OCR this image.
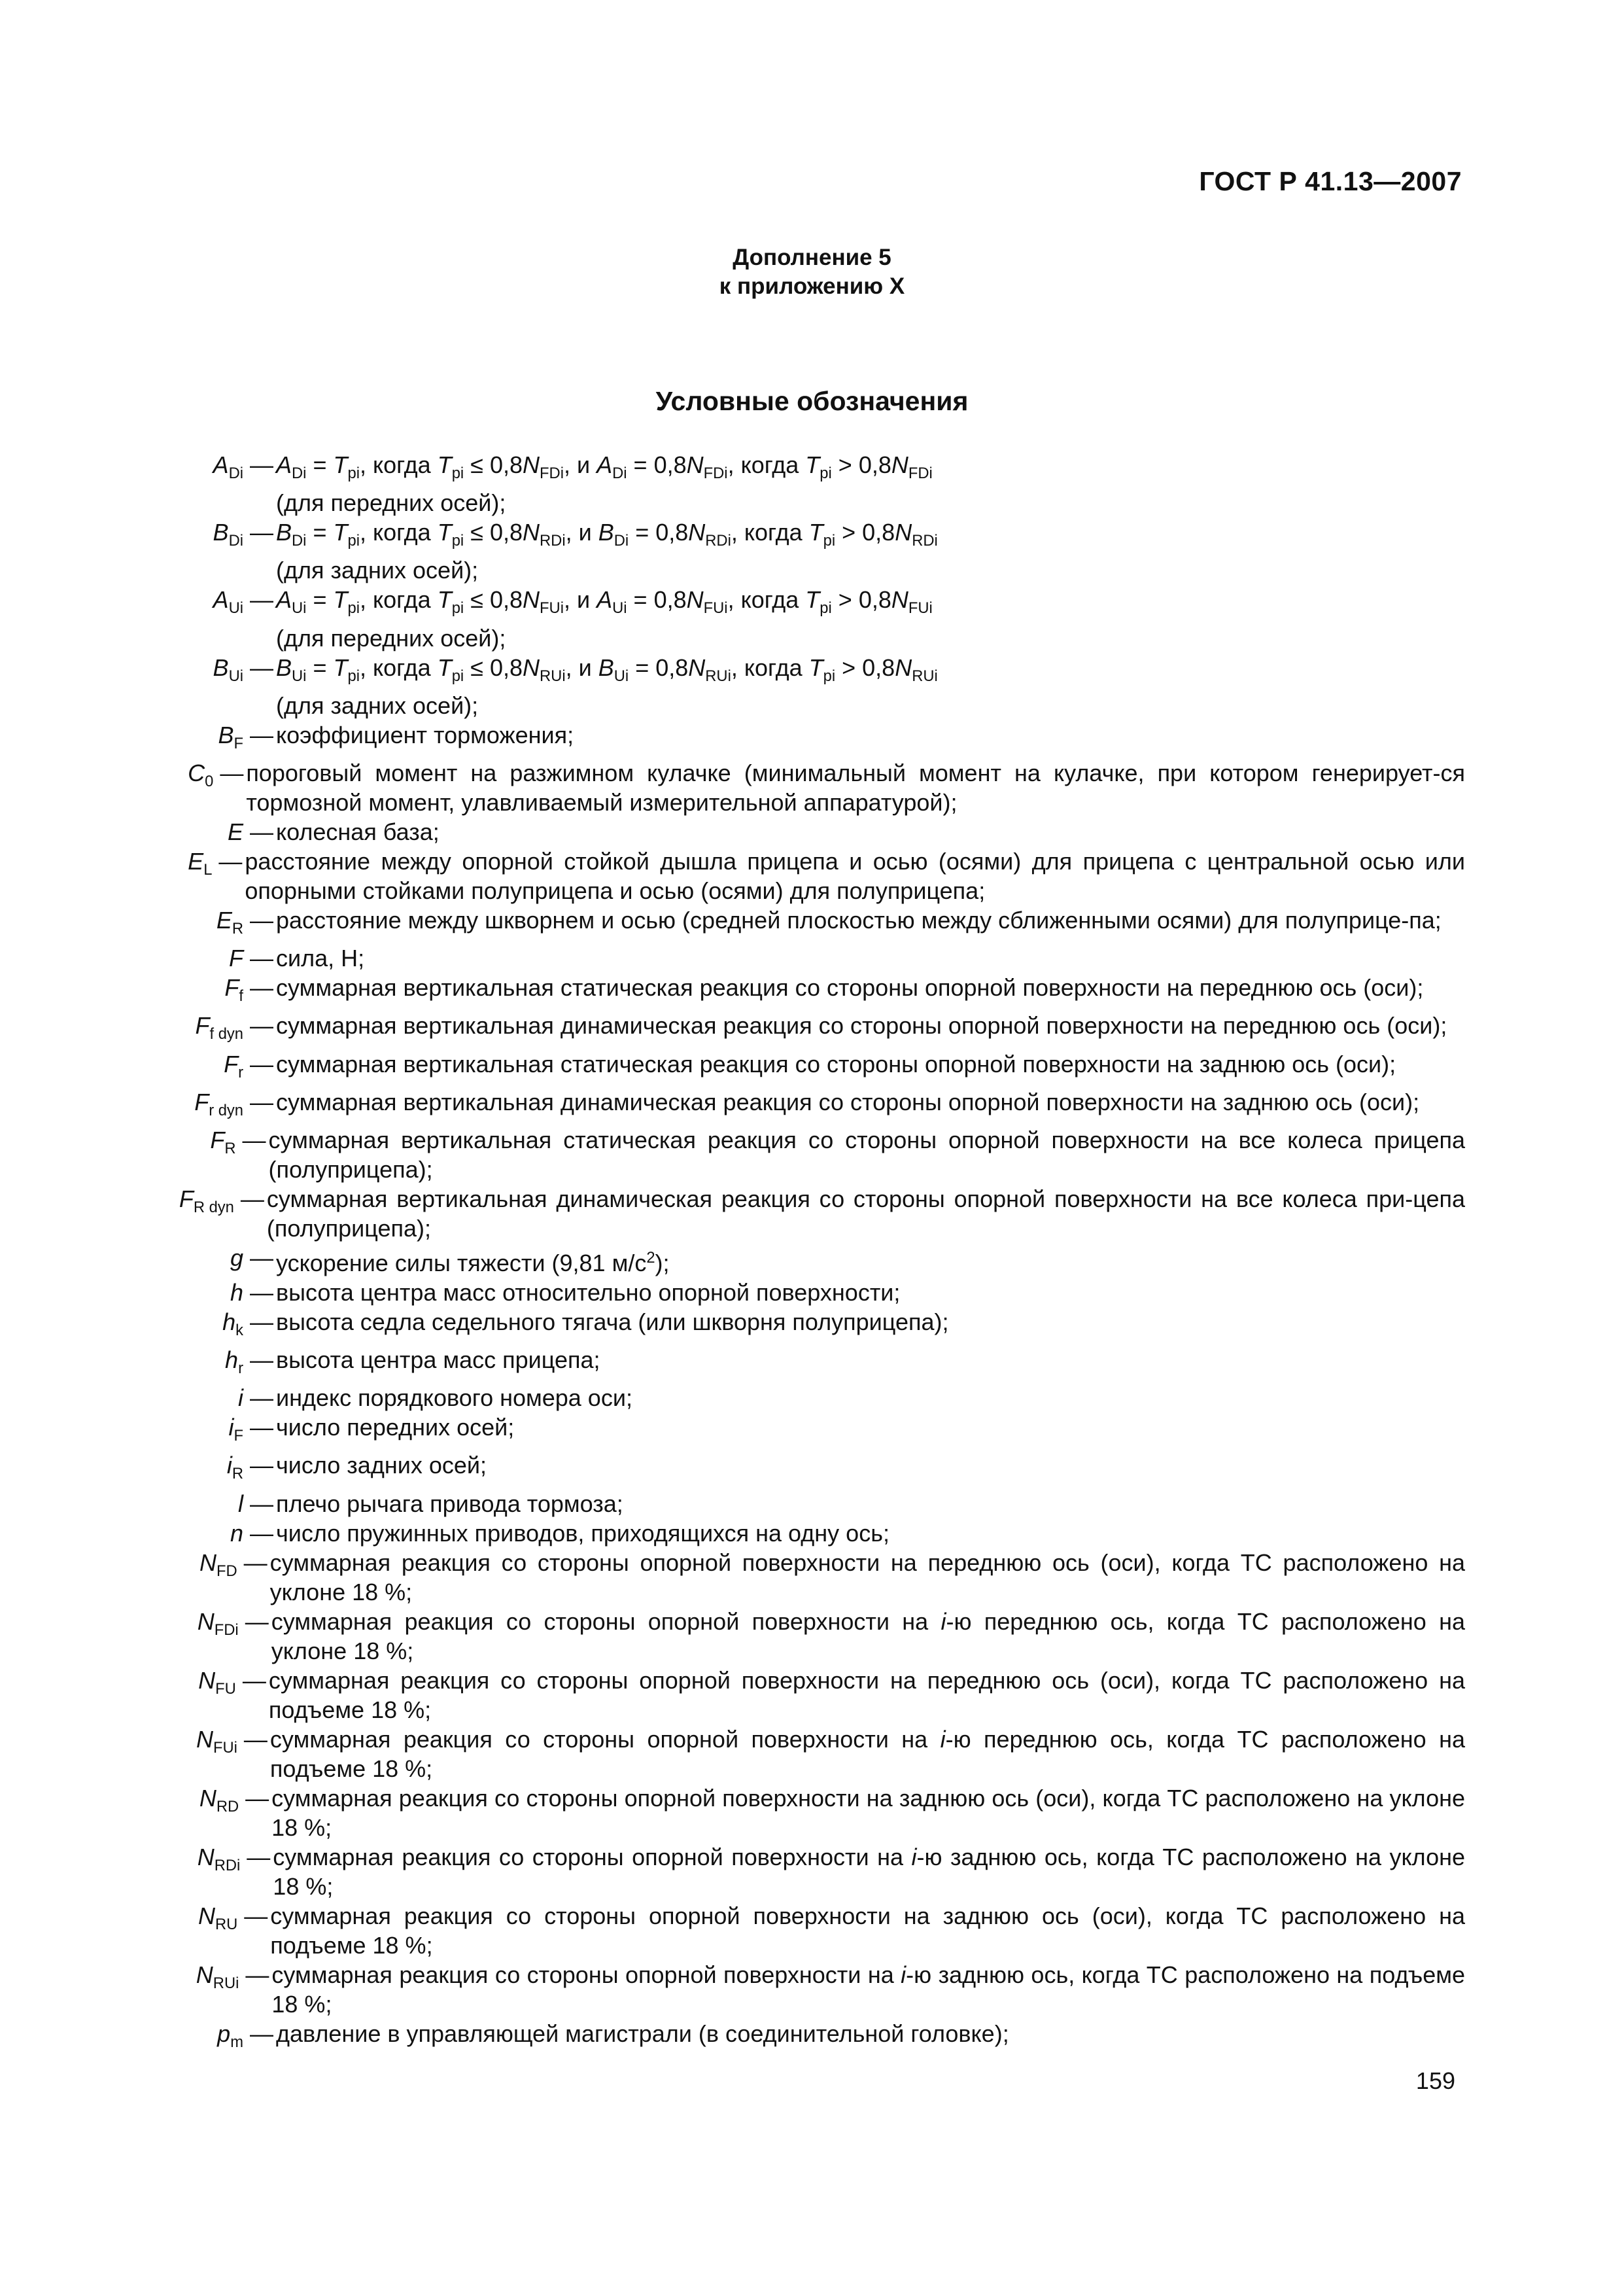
ГОСТ Р 41.13—2007
Дополнение 5
к приложению X
Условные обозначения
$A_{Di}$ — $A_{Di} = T_{pi}$, когда $T_{pi} \le 0,8N_{FDi}$, и $A_{Di} = 0,8N_{FDi}$, когда $T_{pi} > 0,8N_{FDi}$
(для передних осей);
$B_{Di}$ — $B_{Di} = T_{pi}$, когда $T_{pi} \le 0,8N_{RDi}$, и $B_{Di} = 0,8N_{RDi}$, когда $T_{pi} > 0,8N_{RDi}$
(для задних осей);
$A_{Ui}$ — $A_{Ui} = T_{pi}$, когда $T_{pi} \le 0,8N_{FUi}$, и $A_{Ui} = 0,8N_{FUi}$, когда $T_{pi} > 0,8N_{FUi}$
(для передних осей);
$B_{Ui}$ — $B_{Ui} = T_{pi}$, когда $T_{pi} \le 0,8N_{RUi}$, и $B_{Ui} = 0,8N_{RUi}$, когда $T_{pi} > 0,8N_{RUi}$
(для задних осей);
$B_F$ — коэффициент торможения;
$C_0$ — пороговый момент на разжимном кулачке (минимальный момент на кулачке, при котором генерирует-ся тормозной момент, улавливаемый измерительной аппаратурой);
E — колесная база;
$E_L$ — расстояние между опорной стойкой дышла прицепа и осью (осями) для прицепа с центральной осью или опорными стойками полуприцепа и осью (осями) для полуприцепа;
$E_R$ — расстояние между шкворнем и осью (средней плоскостью между сближенными осями) для полуприце-па;
F — сила, Н;
$F_f$ — суммарная вертикальная статическая реакция со стороны опорной поверхности на переднюю ось (оси);
$F_{f dyn}$ — суммарная вертикальная динамическая реакция со стороны опорной поверхности на переднюю ось (оси);
$F_r$ — суммарная вертикальная статическая реакция со стороны опорной поверхности на заднюю ось (оси);
$F_{r dyn}$ — суммарная вертикальная динамическая реакция со стороны опорной поверхности на заднюю ось (оси);
$F_R$ — суммарная вертикальная статическая реакция со стороны опорной поверхности на все колеса прицепа (полуприцепа);
$F_{R dyn}$ — суммарная вертикальная динамическая реакция со стороны опорной поверхности на все колеса при-цепа (полуприцепа);
g — ускорение силы тяжести (9,81 $м/с^2$);
h — высота центра масс относительно опорной поверхности;
$h_k$ — высота седла седельного тягача (или шкворня полуприцепа);
$h_r$ — высота центра масс прицепа;
i — индекс порядкового номера оси;
$i_F$ — число передних осей;
$i_R$ — число задних осей;
l — плечо рычага привода тормоза;
n — число пружинных приводов, приходящихся на одну ось;
$N_{FD}$ — суммарная реакция со стороны опорной поверхности на переднюю ось (оси), когда ТС расположено на уклоне 18 %;
$N_{FDi}$ — суммарная реакция со стороны опорной поверхности на i-ю переднюю ось, когда ТС расположено на уклоне 18 %;
$N_{FU}$ — суммарная реакция со стороны опорной поверхности на переднюю ось (оси), когда ТС расположено на подъеме 18 %;
$N_{FUi}$ — суммарная реакция со стороны опорной поверхности на i-ю переднюю ось, когда ТС расположено на подъеме 18 %;
$N_{RD}$ — суммарная реакция со стороны опорной поверхности на заднюю ось (оси), когда ТС расположено на уклоне 18 %;
$N_{RDi}$ — суммарная реакция со стороны опорной поверхности на i-ю заднюю ось, когда ТС расположено на уклоне 18 %;
$N_{RU}$ — суммарная реакция со стороны опорной поверхности на заднюю ось (оси), когда ТС расположено на подъеме 18 %;
$N_{RUi}$ — суммарная реакция со стороны опорной поверхности на i-ю заднюю ось, когда ТС расположено на подъеме 18 %;
$p_m$ — давление в управляющей магистрали (в соединительной головке);
159
